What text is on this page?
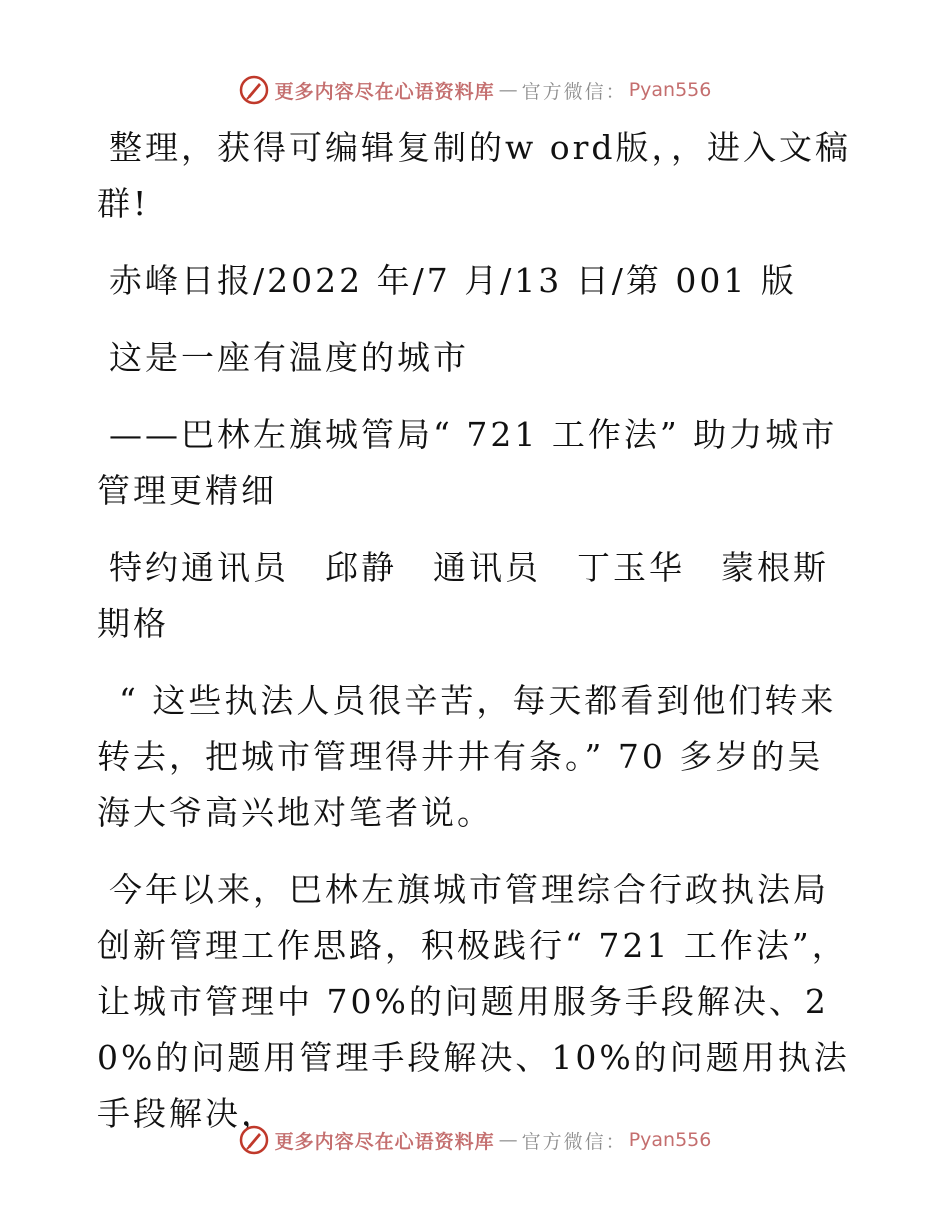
更多内容尽在心语资料库 — 官方微信： Pyan556

整理，获得可编辑复制的w ord版，，进入文稿群!

赤峰日报/2022 年/7 月/13 日/第 001 版

这是一座有温度的城市

——巴林左旗城管局“ 721 工作法” 助力城市管理更精细

特约通讯员　邱静　通讯员　丁玉华　蒙根斯期格

“ 这些执法人员很辛苦，每天都看到他们转来转去，把城市管理得井井有条。” 70 多岁的吴海大爷高兴地对笔者说。

今年以来，巴林左旗城市管理综合行政执法局创新管理工作思路，积极践行“ 721 工作法”，让城市管理中 70%的问题用服务手段解决、20%的问题用管理手段解决、10%的问题用执法手段解决，

更多内容尽在心语资料库 — 官方微信： Pyan556
